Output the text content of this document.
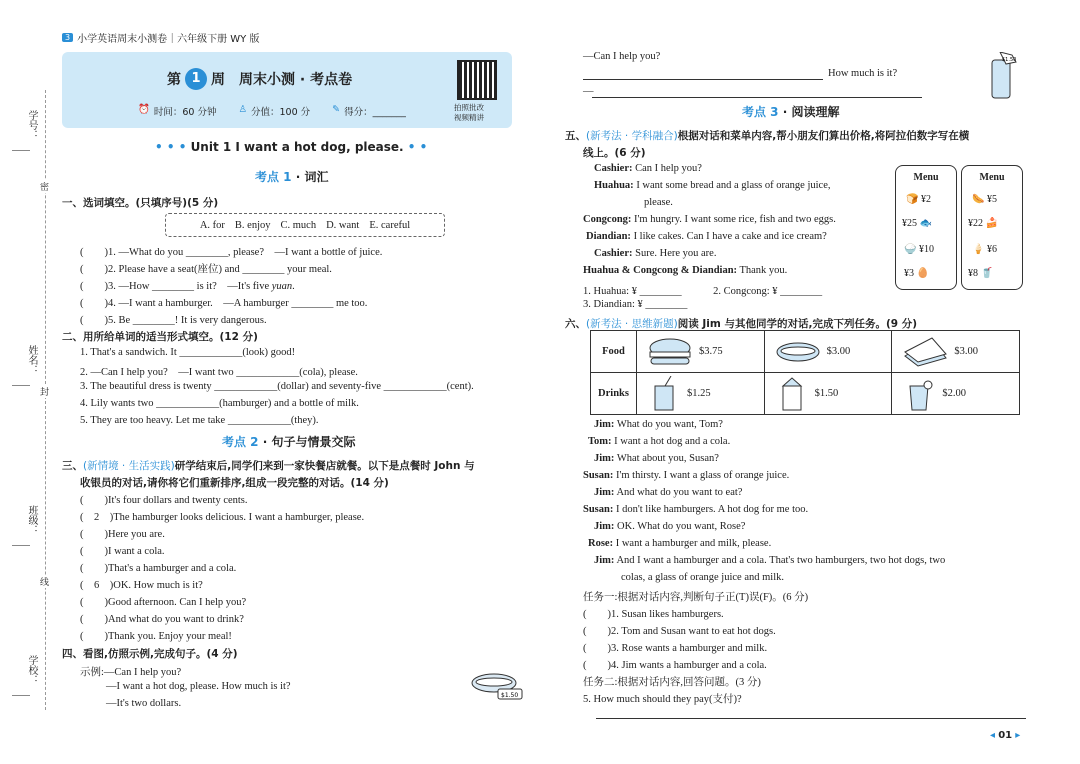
学号：
密
姓名：
封
班级：
线
学校：
3 小学英语周末小测卷｜六年级下册 WY 版
第 1 周　周末小测 · 考点卷
⏰ 时间：60 分钟 ♙ 分值：100 分 ✎ 得分：_______	拍照批改
视频精讲
• • • Unit 1 I want a hot dog, please. • •
考点 1 · 词汇
一、选词填空。(只填序号)(5 分)
A. for B. enjoy C. much D. want E. careful
(　　)1. —What do you ________, please?　—I want a bottle of juice.
(　　)2. Please have a seat(座位) and ________ your meal.
(　　)3. —How ________ is it?　—It's five yuan.
(　　)4. —I want a hamburger.　—A hamburger ________ me too.
(　　)5. Be ________! It is very dangerous.
二、用所给单词的适当形式填空。(12 分)
1. That's a sandwich. It ____________(look) good!
2. —Can I help you?　—I want two ____________(cola), please.
3. The beautiful dress is twenty ____________(dollar) and seventy-five ____________(cent).
4. Lily wants two ____________(hamburger) and a bottle of milk.
5. They are too heavy. Let me take ____________(they).
考点 2 · 句子与情景交际
三、(新情境 · 生活实践)研学结束后,同学们来到一家快餐店就餐。以下是点餐时 John 与
收银员的对话,请你将它们重新排序,组成一段完整的对话。(14 分)
(　　)It's four dollars and twenty cents.
(　2　)The hamburger looks delicious. I want a hamburger, please.
(　　)Here you are.
(　　)I want a cola.
(　　)That's a hamburger and a cola.
(　6　)OK. How much is it?
(　　)Good afternoon. Can I help you?
(　　)And what do you want to drink?
(　　)Thank you. Enjoy your meal!
四、看图,仿照示例,完成句子。(4 分)
示例:—Can I help you?
—I want a hot dog, please. How much is it?
—It's two dollars.
$1.50
—Can I help you?
How much is it?
—
$1.50
考点 3 · 阅读理解
五、(新考法 · 学科融合)根据对话和菜单内容,帮小朋友们算出价格,将阿拉伯数字写在横
线上。(6 分)
Cashier: Can I help you?
Huahua: I want some bread and a glass of orange juice,
please.
Congcong: I'm hungry. I want some rice, fish and two eggs.
Diandian: I like cakes. Can I have a cake and ice cream?
Cashier: Sure. Here you are.
Huahua & Congcong & Diandian: Thank you.
1. Huahua: ¥ ________　　　	2. Congcong: ¥ ________
3. Diandian: ¥ ________
六、(新考法 · 思维新题)阅读 Jim 与其他同学的对话,完成下列任务。(9 分)
Jim: What do you want, Tom?
Tom: I want a hot dog and a cola.
Jim: What about you, Susan?
Susan: I'm thirsty. I want a glass of orange juice.
Jim: And what do you want to eat?
Susan: I don't like hamburgers. A hot dog for me too.
Jim: OK. What do you want, Rose?
Rose: I want a hamburger and milk, please.
Jim: And I want a hamburger and a cola. That's two hamburgers, two hot dogs, two
colas, a glass of orange juice and milk.
任务一:根据对话内容,判断句子正(T)误(F)。(6 分)
(　　)1. Susan likes hamburgers.
(　　)2. Tom and Susan want to eat hot dogs.
(　　)3. Rose wants a hamburger and milk.
(　　)4. Jim wants a hamburger and a cola.
任务二:根据对话内容,回答问题。(3 分)
5. How much should they pay(支付)?
◂ 01 ▸
Menu
🍞 ¥2
¥25 🐟
🍚 ¥10
¥3 🥚
Menu
🌭 ¥5
¥22 🍰
🍦 ¥6
¥8 🥤
Food	$3.75	$3.00	$3.00

Drinks	$1.25	$1.50	$2.00
